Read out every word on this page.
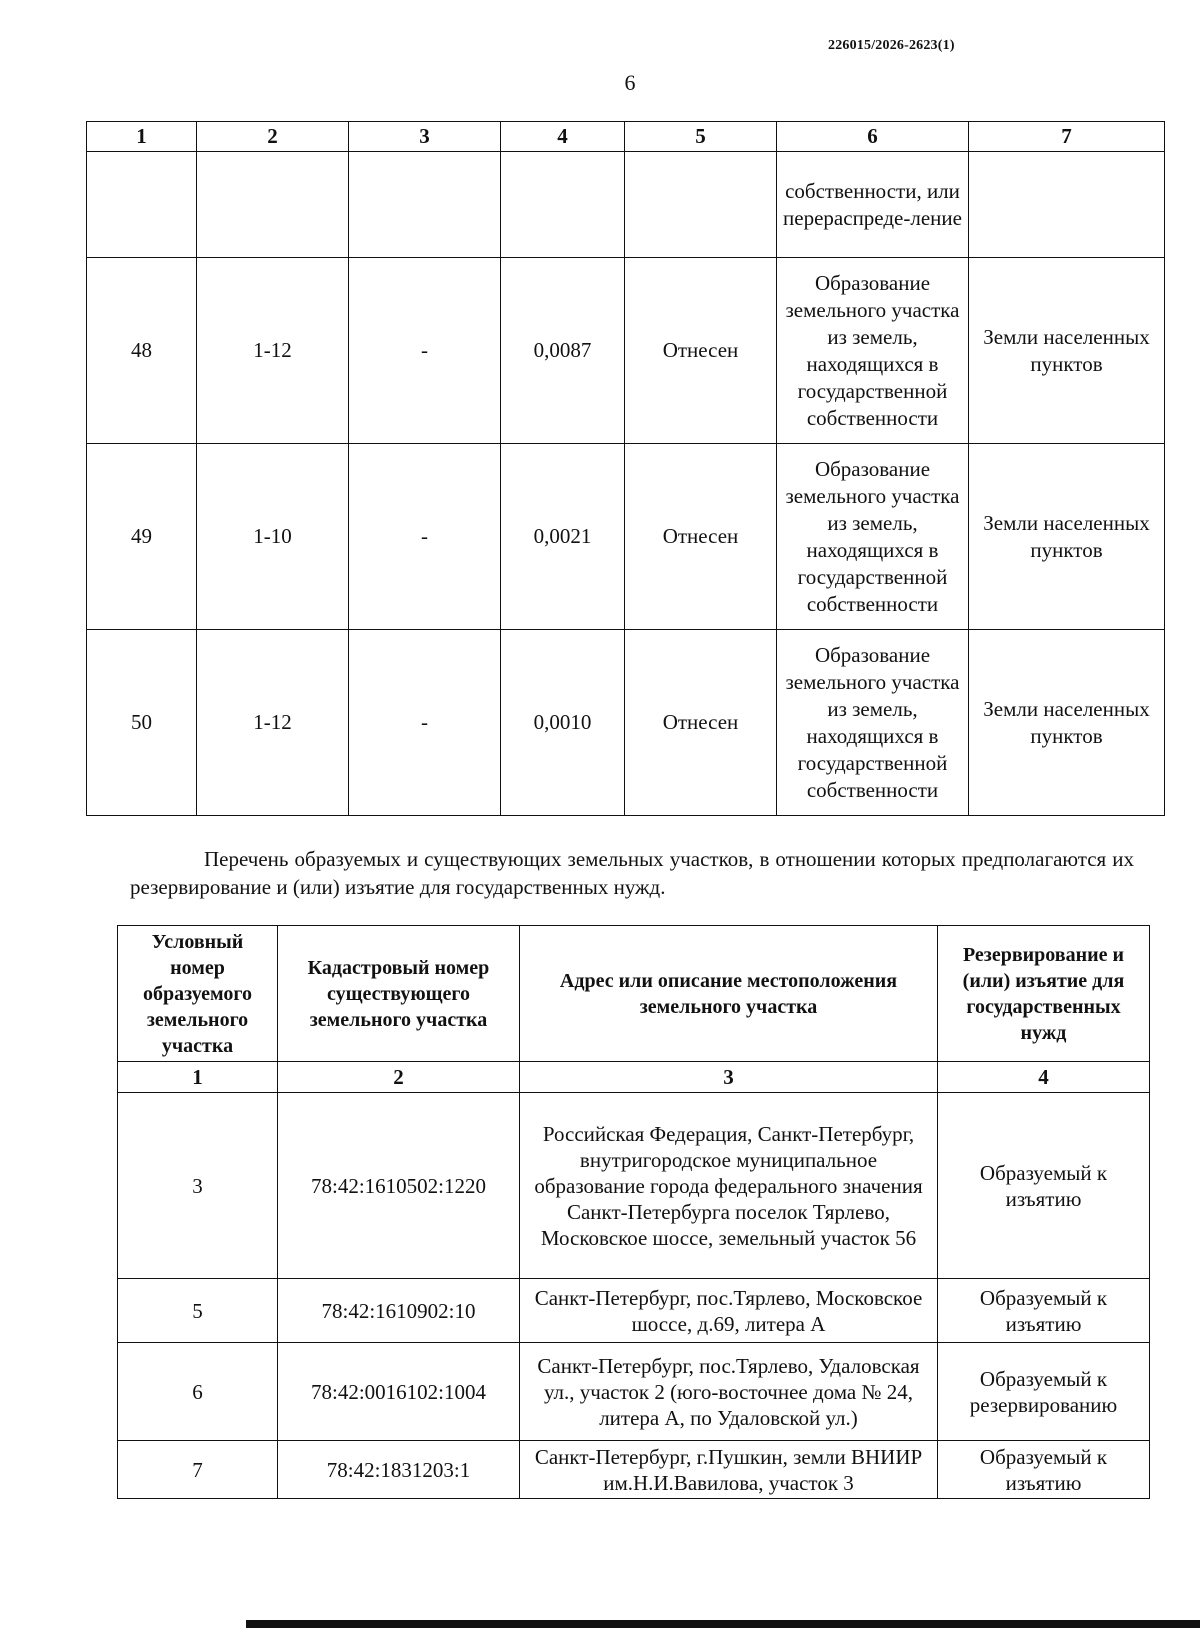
226015/2026-2623(1)
6
1	2	3	4	5	6	7
					собственности, или перераспреде-ление	
48	1-12	-	0,0087	Отнесен	Образование земельного участка из земель, находящихся в государственной собственности	Земли населенных пунктов
49	1-10	-	0,0021	Отнесен	Образование земельного участка из земель, находящихся в государственной собственности	Земли населенных пунктов
50	1-12	-	0,0010	Отнесен	Образование земельного участка из земель, находящихся в государственной собственности	Земли населенных пунктов

Перечень образуемых и существующих земельных участков, в отношении которых предполагаются их резервирование и (или) изъятие для государственных нужд.

Условный номер образуемого земельного участка	Кадастровый номер существующего земельного участка	Адрес или описание местоположения земельного участка	Резервирование и (или) изъятие для государственных нужд
1	2	3	4
3	78:42:1610502:1220	Российская Федерация, Санкт-Петербург, внутригородское муниципальное образование города федерального значения Санкт-Петербурга поселок Тярлево, Московское шоссе, земельный участок 56	Образуемый к изъятию
5	78:42:1610902:10	Санкт-Петербург, пос.Тярлево, Московское шоссе, д.69, литера А	Образуемый к изъятию
6	78:42:0016102:1004	Санкт-Петербург, пос.Тярлево, Удаловская ул., участок 2 (юго-восточнее дома № 24, литера А, по Удаловской ул.)	Образуемый к резервированию
7	78:42:1831203:1	Санкт-Петербург, г.Пушкин, земли ВНИИР им.Н.И.Вавилова, участок 3	Образуемый к изъятию
